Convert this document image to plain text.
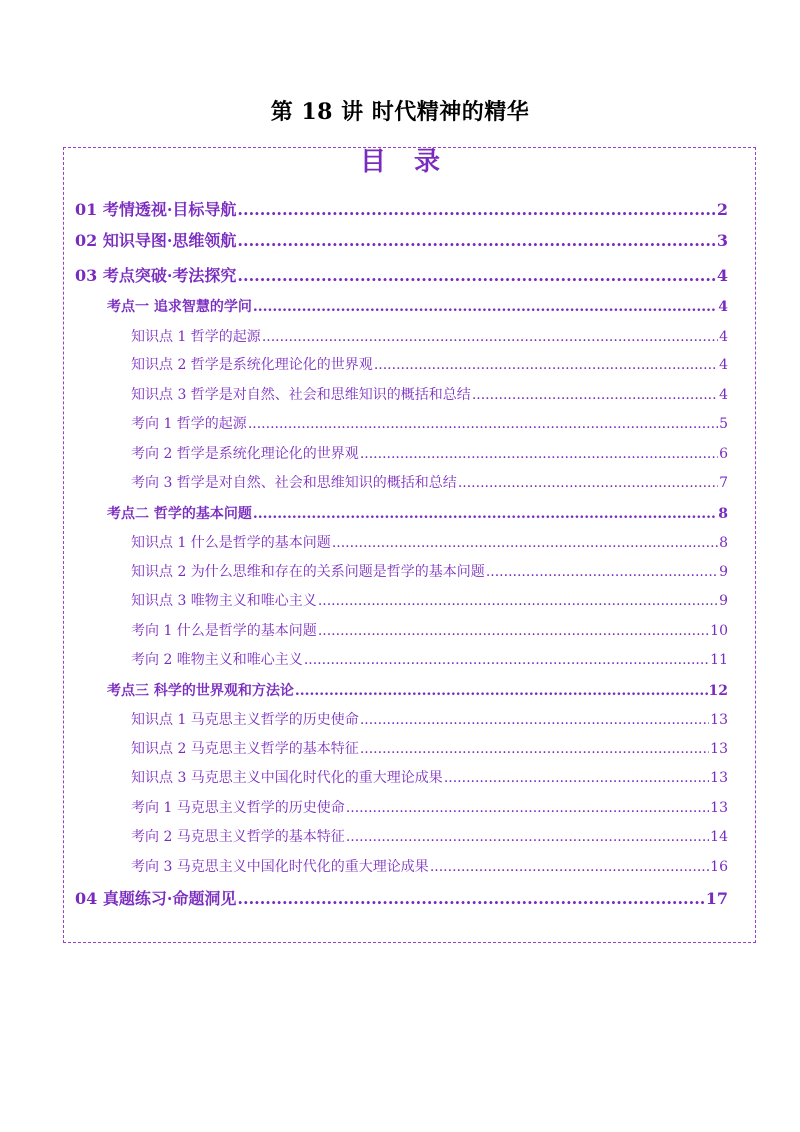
第 18 讲 时代精神的精华
目录
01 考情透视·目标导航 .....	2
02 知识导图·思维领航 .....	3
03 考点突破·考法探究 .....	4
考点一 追求智慧的学问 .....	4
知识点 1 哲学的起源 .....	4
知识点 2 哲学是系统化理论化的世界观 .....	4
知识点 3 哲学是对自然、社会和思维知识的概括和总结 .....	4
考向 1 哲学的起源 .....	5
考向 2 哲学是系统化理论化的世界观 .....	6
考向 3 哲学是对自然、社会和思维知识的概括和总结 .....	7
考点二 哲学的基本问题 .....	8
知识点 1 什么是哲学的基本问题 .....	8
知识点 2 为什么思维和存在的关系问题是哲学的基本问题 .....	9
知识点 3 唯物主义和唯心主义 .....	9
考向 1 什么是哲学的基本问题 .....	10
考向 2 唯物主义和唯心主义 .....	11
考点三 科学的世界观和方法论 .....	12
知识点 1 马克思主义哲学的历史使命 .....	13
知识点 2 马克思主义哲学的基本特征 .....	13
知识点 3 马克思主义中国化时代化的重大理论成果 .....	13
考向 1 马克思主义哲学的历史使命 .....	13
考向 2 马克思主义哲学的基本特征 .....	14
考向 3 马克思主义中国化时代化的重大理论成果 .....	16
04 真题练习·命题洞见 .....	17
